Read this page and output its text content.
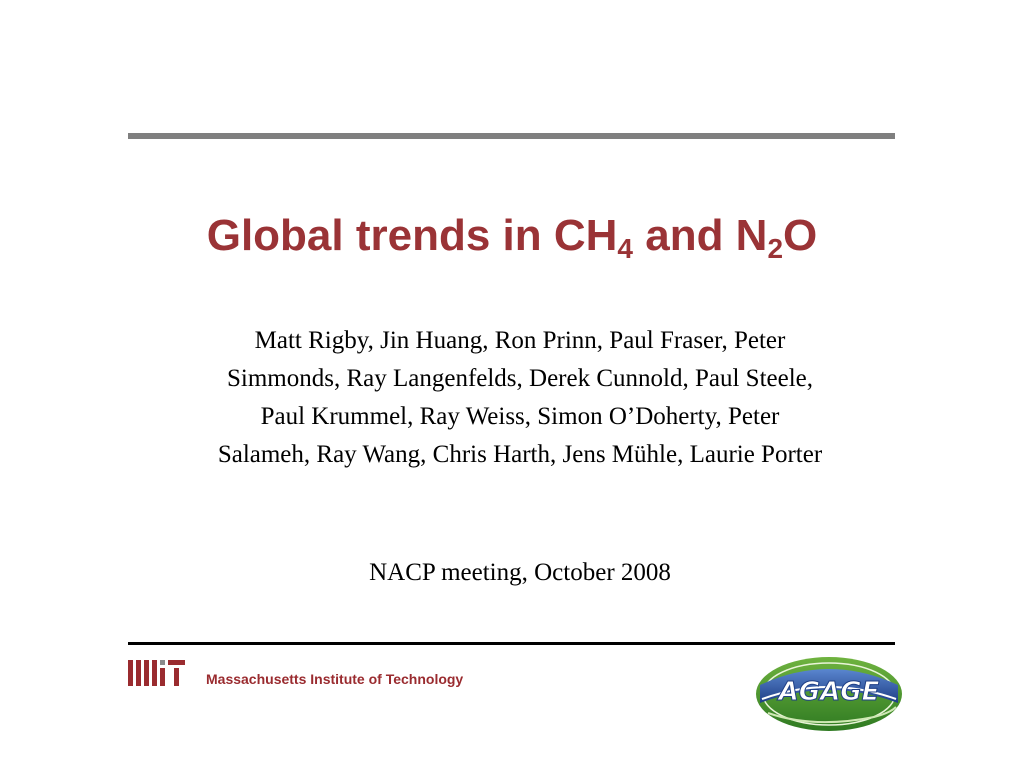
Global trends in $CH_4$ and $N_2O$
Matt Rigby, Jin Huang, Ron Prinn, Paul Fraser, Peter
Simmonds, Ray Langenfelds, Derek Cunnold, Paul Steele,
Paul Krummel, Ray Weiss, Simon O’Doherty, Peter
Salameh, Ray Wang, Chris Harth, Jens Mühle, Laurie Porter
NACP meeting, October 2008
Massachusetts Institute of Technology	AGAGE
